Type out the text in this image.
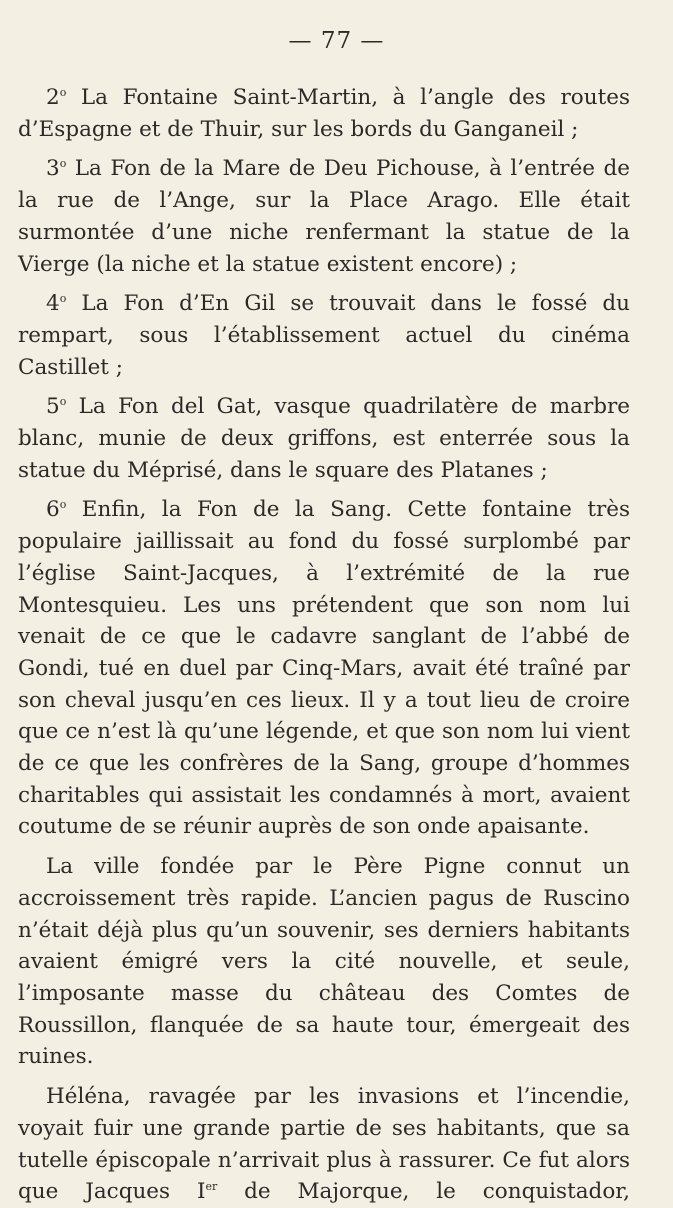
— 77 —

2$^o$ La Fontaine Saint-Martin, à l’angle des routes d’Espagne et de Thuir, sur les bords du Ganganeil ;

3$^o$ La Fon de la Mare de Deu Pichouse, à l’entrée de la rue de l’Ange, sur la Place Arago. Elle était surmontée d’une niche renfermant la statue de la Vierge (la niche et la statue existent encore) ;

4$^o$ La Fon d’En Gil se trouvait dans le fossé du rempart, sous l’établissement actuel du cinéma Castillet ;

5$^o$ La Fon del Gat, vasque quadrilatère de marbre blanc, munie de deux griffons, est enterrée sous la statue du Méprisé, dans le square des Platanes ;

6$^o$ Enfin, la Fon de la Sang. Cette fontaine très populaire jaillissait au fond du fossé surplombé par l’église Saint-Jacques, à l’extrémité de la rue Montesquieu. Les uns prétendent que son nom lui venait de ce que le cadavre sanglant de l’abbé de Gondi, tué en duel par Cinq-Mars, avait été traîné par son cheval jusqu’en ces lieux. Il y a tout lieu de croire que ce n’est là qu’une légende, et que son nom lui vient de ce que les confrères de la Sang, groupe d’hommes charitables qui assistait les condamnés à mort, avaient coutume de se réunir auprès de son onde apaisante.

La ville fondée par le Père Pigne connut un accroissement très rapide. L’ancien pagus de Ruscino n’était déjà plus qu’un souvenir, ses derniers habitants avaient émigré vers la cité nouvelle, et seule, l’imposante masse du château des Comtes de Roussillon, flanquée de sa haute tour, émergeait des ruines.

Héléna, ravagée par les invasions et l’incendie, voyait fuir une grande partie de ses habitants, que sa tutelle épiscopale n’arrivait plus à rassurer. Ce fut alors que Jacques Ier de Majorque, le conquistador,
